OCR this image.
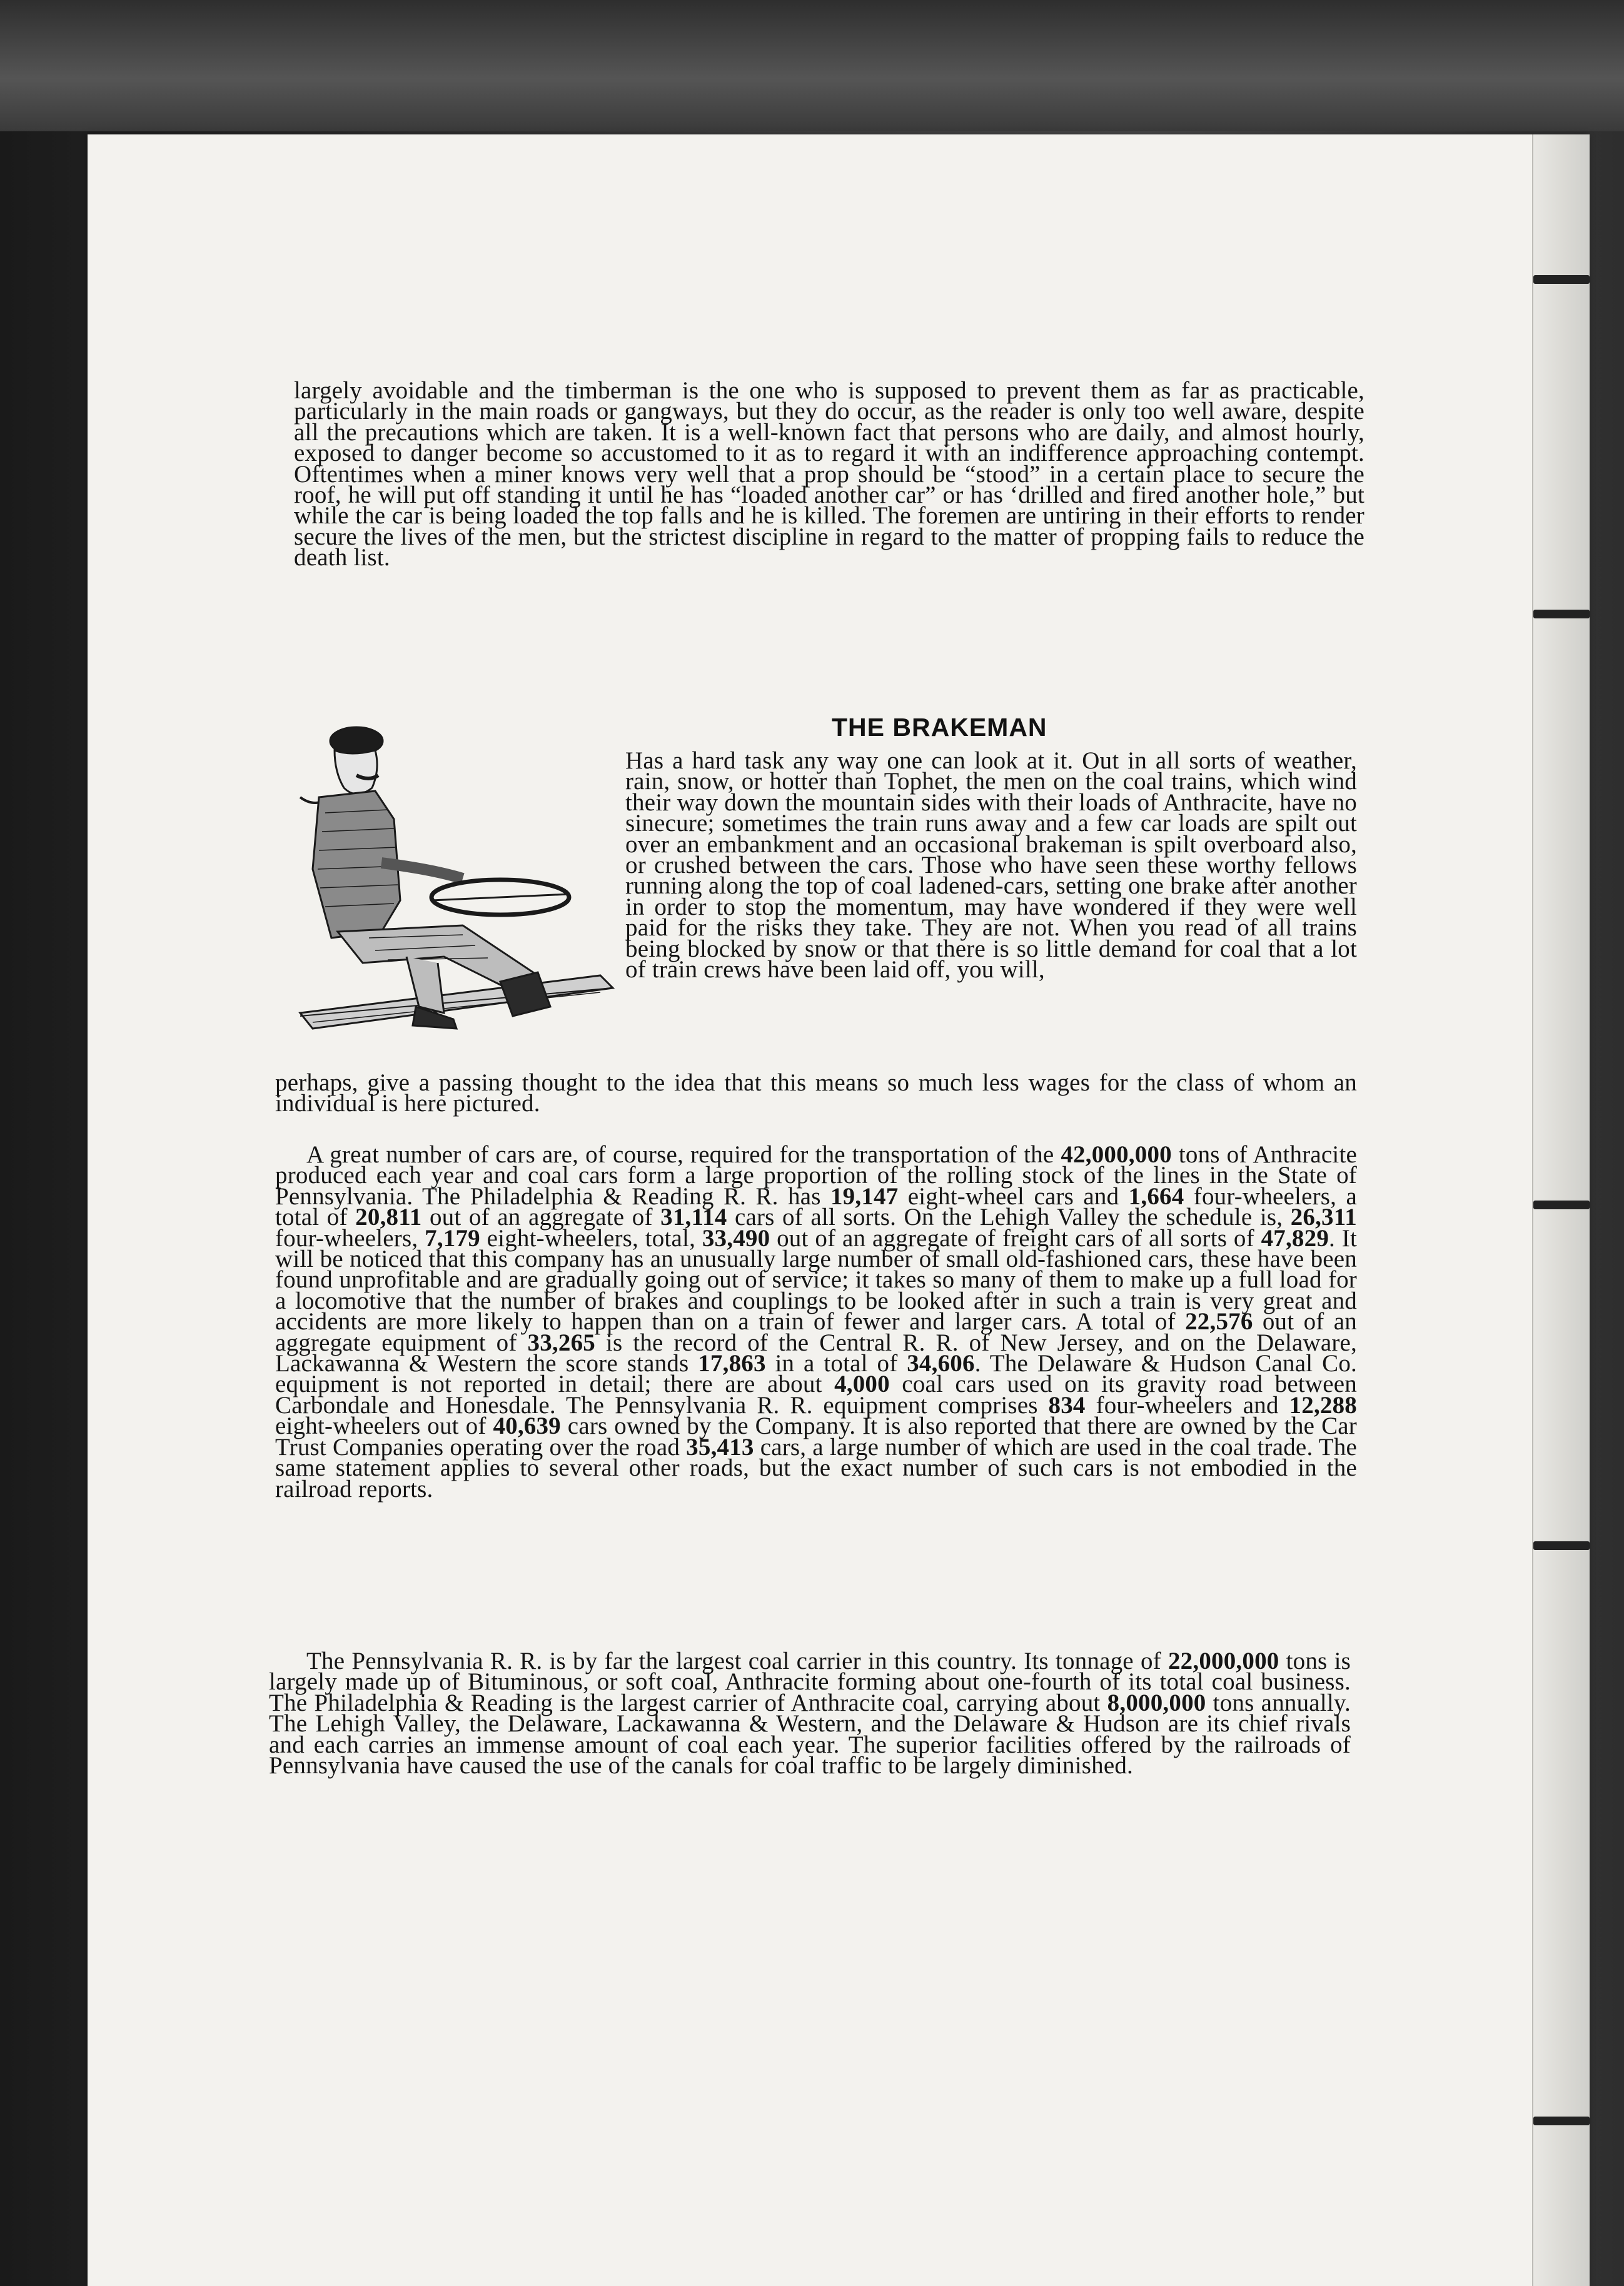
largely avoidable and the timberman is the one who is supposed to prevent them as far as practicable, particularly in the main roads or gangways, but they do occur, as the reader is only too well aware, despite all the precautions which are taken. It is a well-known fact that persons who are daily, and almost hourly, exposed to danger become so accustomed to it as to regard it with an indifference approaching contempt. Oftentimes when a miner knows very well that a prop should be “stood” in a certain place to secure the roof, he will put off standing it until he has “loaded another car” or has ‘drilled and fired another hole,” but while the car is being loaded the top falls and he is killed. The foremen are untiring in their efforts to render secure the lives of the men, but the strictest discipline in regard to the matter of propping fails to reduce the death list.

THE BRAKEMAN

Has a hard task any way one can look at it. Out in all sorts of weather, rain, snow, or hotter than Tophet, the men on the coal trains, which wind their way down the mountain sides with their loads of Anthracite, have no sinecure; sometimes the train runs away and a few car loads are spilt out over an embankment and an occasional brakeman is spilt overboard also, or crushed between the cars. Those who have seen these worthy fellows running along the top of coal ladened-cars, setting one brake after another in order to stop the momentum, may have wondered if they were well paid for the risks they take. They are not. When you read of all trains being blocked by snow or that there is so little demand for coal that a lot of train crews have been laid off, you will,

perhaps, give a passing thought to the idea that this means so much less wages for the class of whom an individual is here pictured.

A great number of cars are, of course, required for the transportation of the 42,000,000 tons of Anthracite produced each year and coal cars form a large proportion of the rolling stock of the lines in the State of Pennsylvania. The Philadelphia & Reading R. R. has 19,147 eight-wheel cars and 1,664 four-wheelers, a total of 20,811 out of an aggregate of 31,114 cars of all sorts. On the Lehigh Valley the schedule is, 26,311 four-wheelers, 7,179 eight-wheelers, total, 33,490 out of an aggregate of freight cars of all sorts of 47,829. It will be noticed that this company has an unusually large number of small old-fashioned cars, these have been found unprofitable and are gradually going out of service; it takes so many of them to make up a full load for a locomotive that the number of brakes and couplings to be looked after in such a train is very great and accidents are more likely to happen than on a train of fewer and larger cars. A total of 22,576 out of an aggregate equipment of 33,265 is the record of the Central R. R. of New Jersey, and on the Delaware, Lackawanna & Western the score stands 17,863 in a total of 34,606. The Delaware & Hudson Canal Co. equipment is not reported in detail; there are about 4,000 coal cars used on its gravity road between Carbondale and Honesdale. The Pennsylvania R. R. equipment comprises 834 four-wheelers and 12,288 eight-wheelers out of 40,639 cars owned by the Company. It is also reported that there are owned by the Car Trust Companies operating over the road 35,413 cars, a large number of which are used in the coal trade. The same statement applies to several other roads, but the exact number of such cars is not embodied in the railroad reports.

The Pennsylvania R. R. is by far the largest coal carrier in this country. Its tonnage of 22,000,000 tons is largely made up of Bituminous, or soft coal, Anthracite forming about one-fourth of its total coal business. The Philadelphia & Reading is the largest carrier of Anthracite coal, carrying about 8,000,000 tons annually. The Lehigh Valley, the Delaware, Lackawanna & Western, and the Delaware & Hudson are its chief rivals and each carries an immense amount of coal each year. The superior facilities offered by the railroads of Pennsylvania have caused the use of the canals for coal traffic to be largely diminished.
